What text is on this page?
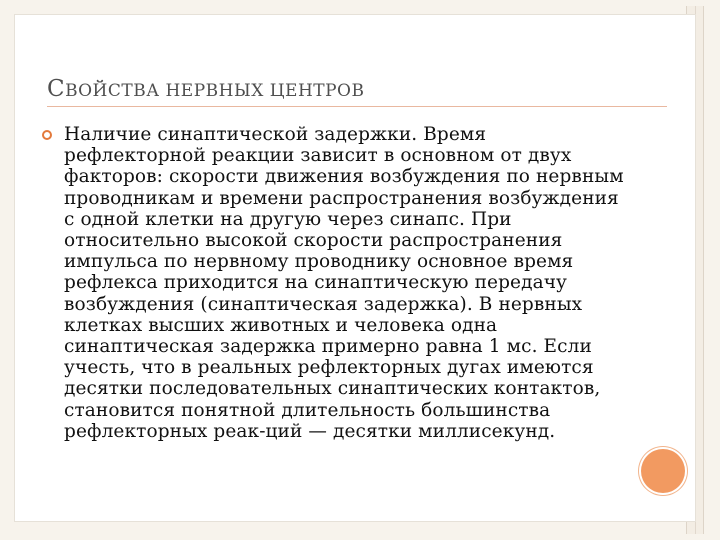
СВОЙСТВА НЕРВНЫХ ЦЕНТРОВ

Наличие синаптической задержки. Время рефлекторной реакции зависит в основном от двух факторов: скорости движения возбуждения по нервным проводникам и времени распространения возбуждения с одной клетки на другую через синапс. При относительно высокой скорости распространения импульса по нервному проводнику основное время рефлекса приходится на синаптическую передачу возбуждения (синаптическая задержка). В нервных клетках высших животных и человека одна синаптическая задержка примерно равна 1 мс. Если учесть, что в реальных рефлекторных дугах имеются десятки последовательных синаптических контактов, становится понятной длительность большинства рефлекторных реак-ций — десятки миллисекунд.
